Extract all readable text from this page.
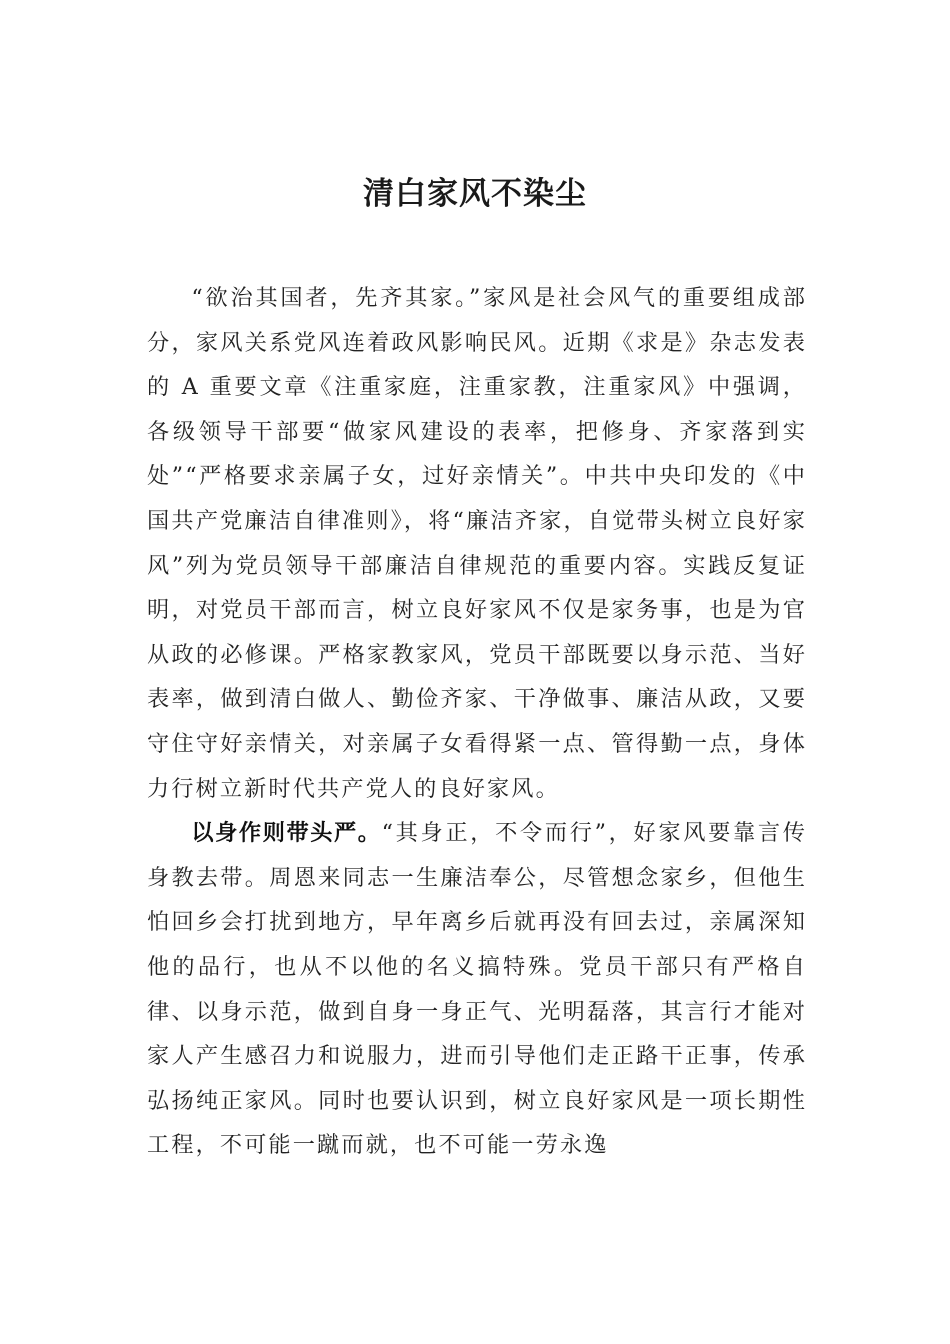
清白家风不染尘

“欲治其国者，先齐其家。”家风是社会风气的重要组成部分，家风关系党风连着政风影响民风。近期《求是》杂志发表的 A 重要文章《注重家庭，注重家教，注重家风》中强调，各级领导干部要“做家风建设的表率，把修身、齐家落到实处”“严格要求亲属子女，过好亲情关”。中共中央印发的《中国共产党廉洁自律准则》，将“廉洁齐家，自觉带头树立良好家风”列为党员领导干部廉洁自律规范的重要内容。实践反复证明，对党员干部而言，树立良好家风不仅是家务事，也是为官从政的必修课。严格家教家风，党员干部既要以身示范、当好表率，做到清白做人、勤俭齐家、干净做事、廉洁从政，又要守住守好亲情关，对亲属子女看得紧一点、管得勤一点，身体力行树立新时代共产党人的良好家风。

以身作则带头严。“其身正，不令而行”，好家风要靠言传身教去带。周恩来同志一生廉洁奉公，尽管想念家乡，但他生怕回乡会打扰到地方，早年离乡后就再没有回去过，亲属深知他的品行，也从不以他的名义搞特殊。党员干部只有严格自律、以身示范，做到自身一身正气、光明磊落，其言行才能对家人产生感召力和说服力，进而引导他们走正路干正事，传承弘扬纯正家风。同时也要认识到，树立良好家风是一项长期性工程，不可能一蹴而就，也不可能一劳永逸
